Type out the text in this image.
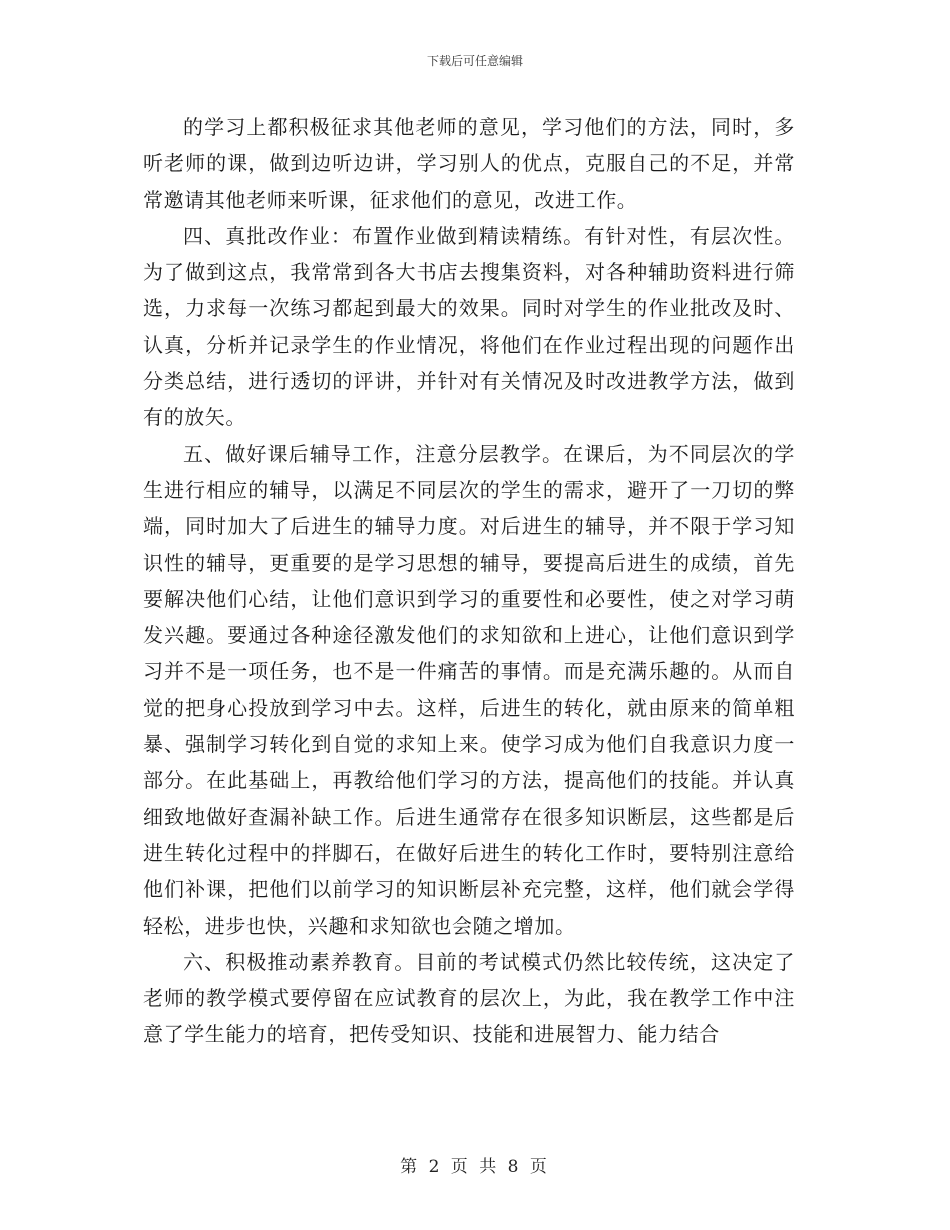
下载后可任意编辑

的学习上都积极征求其他老师的意见，学习他们的方法，同时，多听老师的课，做到边听边讲，学习别人的优点，克服自己的不足，并常常邀请其他老师来听课，征求他们的意见，改进工作。

四、真批改作业：布置作业做到精读精练。有针对性，有层次性。为了做到这点，我常常到各大书店去搜集资料，对各种辅助资料进行筛选，力求每一次练习都起到最大的效果。同时对学生的作业批改及时、认真，分析并记录学生的作业情况，将他们在作业过程出现的问题作出分类总结，进行透切的评讲，并针对有关情况及时改进教学方法，做到有的放矢。

五、做好课后辅导工作，注意分层教学。在课后，为不同层次的学生进行相应的辅导，以满足不同层次的学生的需求，避开了一刀切的弊端，同时加大了后进生的辅导力度。对后进生的辅导，并不限于学习知识性的辅导，更重要的是学习思想的辅导，要提高后进生的成绩，首先要解决他们心结，让他们意识到学习的重要性和必要性，使之对学习萌发兴趣。要通过各种途径激发他们的求知欲和上进心，让他们意识到学习并不是一项任务，也不是一件痛苦的事情。而是充满乐趣的。从而自觉的把身心投放到学习中去。这样，后进生的转化，就由原来的简单粗暴、强制学习转化到自觉的求知上来。使学习成为他们自我意识力度一部分。在此基础上，再教给他们学习的方法，提高他们的技能。并认真细致地做好查漏补缺工作。后进生通常存在很多知识断层，这些都是后进生转化过程中的拌脚石，在做好后进生的转化工作时，要特别注意给他们补课，把他们以前学习的知识断层补充完整，这样，他们就会学得轻松，进步也快，兴趣和求知欲也会随之增加。

六、积极推动素养教育。目前的考试模式仍然比较传统，这决定了老师的教学模式要停留在应试教育的层次上，为此，我在教学工作中注意了学生能力的培育，把传受知识、技能和进展智力、能力结合

第 2 页 共 8 页
